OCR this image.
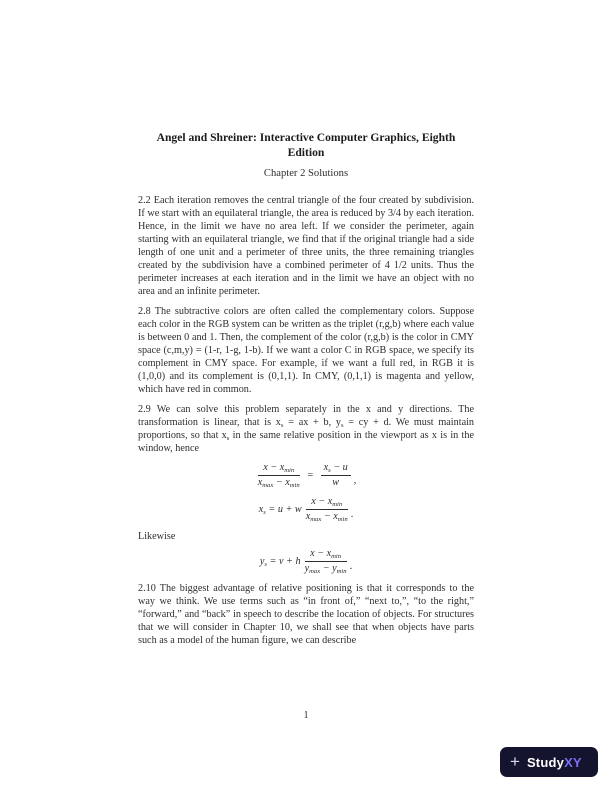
Angel and Shreiner: Interactive Computer Graphics, Eighth
Edition
Chapter 2 Solutions

2.2 Each iteration removes the central triangle of the four created by subdivision. If we start with an equilateral triangle, the area is reduced by 3/4 by each iteration. Hence, in the limit we have no area left. If we consider the perimeter, again starting with an equilateral triangle, we find that if the original triangle had a side length of one unit and a perimeter of three units, the three remaining triangles created by the subdivision have a combined perimeter of 4 1/2 units. Thus the perimeter increases at each iteration and in the limit we have an object with no area and an infinite perimeter.

2.8 The subtractive colors are often called the complementary colors. Suppose each color in the RGB system can be written as the triplet (r,g,b) where each value is between 0 and 1. Then, the complement of the color (r,g,b) is the color in CMY space (c,m,y) = (1-r, 1-g, 1-b). If we want a color C in RGB space, we specify its complement in CMY space. For example, if we want a full red, in RGB it is (1,0,0) and its complement is (0,1,1). In CMY, (0,1,1) is magenta and yellow, which have red in common.

2.9 We can solve this problem separately in the x and y directions. The transformation is linear, that is $x_s$ = ax + b, $y_s$ = cy + d. We must maintain proportions, so that $x_s$ in the same relative position in the viewport as x is in the window, hence

$\frac{x - x_{min}}{x_{max} - x_{min}} = \frac{x_s - u}{w}$ ,
$x_s = u + w \frac{x - x_{min}}{x_{max} - x_{min}}$ .
Likewise
$y_s = v + h \frac{x - x_{min}}{y_{max} - y_{min}}$ .

2.10 The biggest advantage of relative positioning is that it corresponds to the way we think. We use terms such as “in front of,” “next to,”, “to the right,” “forward,” and “back” in speech to describe the location of objects. For structures that we will consider in Chapter 10, we shall see that when objects have parts such as a model of the human figure, we can describe

1
+ StudyXY
